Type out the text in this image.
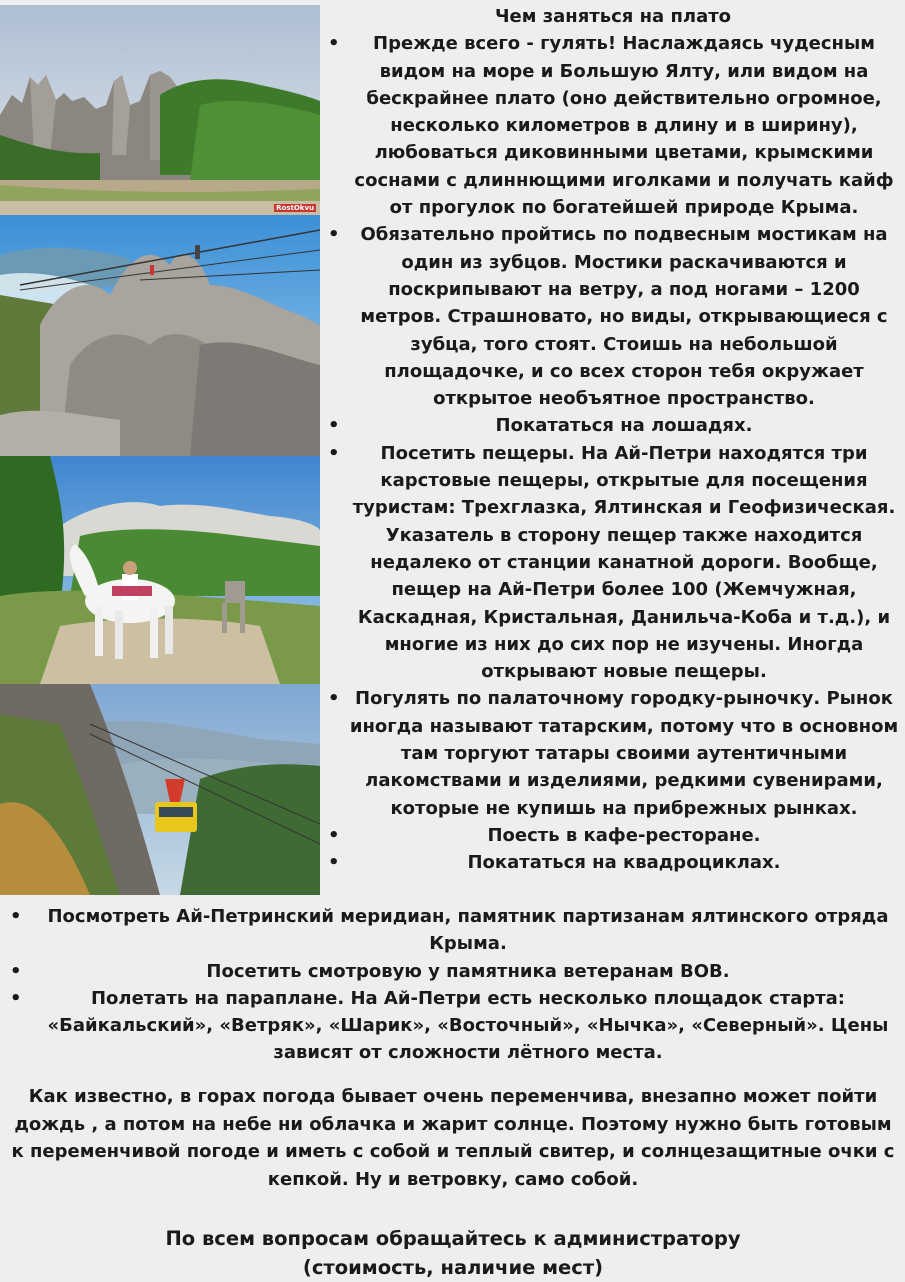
RostOkvu
Чем заняться на плато
• Прежде всего - гулять! Наслаждаясь чудесным видом на море и Большую Ялту, или видом на бескрайнее плато (оно действительно огромное, несколько километров в длину и в ширину), любоваться диковинными цветами, крымскими соснами с длиннющими иголками и получать кайф от прогулок по богатейшей природе Крыма.
• Обязательно пройтись по подвесным мостикам на один из зубцов. Мостики раскачиваются и поскрипывают на ветру, а под ногами – 1200 метров. Страшновато, но виды, открывающиеся с зубца, того стоят. Стоишь на небольшой площадочке, и со всех сторон тебя окружает открытое необъятное пространство.
•	Покататься на лошадях.
• Посетить пещеры. На Ай-Петри находятся три карстовые пещеры, открытые для посещения туристам: Трехглазка, Ялтинская и Геофизическая. Указатель в сторону пещер также находится недалеко от станции канатной дороги. Вообще, пещер на Ай-Петри более 100 (Жемчужная, Каскадная, Кристальная, Данильча-Коба и т.д.), и многие из них до сих пор не изучены. Иногда открывают новые пещеры.
• Погулять по палаточному городку-рыночку. Рынок иногда называют татарским, потому что в основном там торгуют татары своими аутентичными лакомствами и изделиями, редкими сувенирами, которые не купишь на прибрежных рынках.
•	Поесть в кафе-ресторане.
•	Покататься на квадроциклах.
• Посмотреть Ай-Петринский меридиан, памятник партизанам ялтинского отряда Крыма.
•	Посетить смотровую у памятника ветеранам ВОВ.
•	Полетать на параплане. На Ай-Петри есть несколько площадок старта: «Байкальский», «Ветряк», «Шарик», «Восточный», «Нычка», «Северный». Цены зависят от сложности лётного места.
Как известно, в горах погода бывает очень переменчива, внезапно может пойти дождь , а потом на небе ни облачка и жарит солнце. Поэтому нужно быть готовым к переменчивой погоде и иметь с собой и теплый свитер, и солнцезащитные очки с кепкой. Ну и ветровку, само собой.
По всем вопросам обращайтесь к администратору
(стоимость, наличие мест)
